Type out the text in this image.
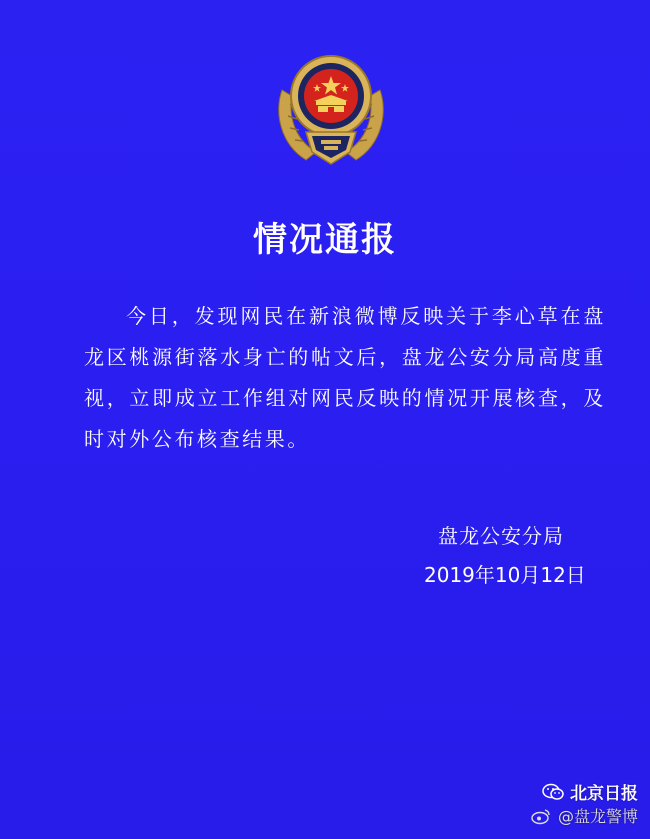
情况通报
今日，发现网民在新浪微博反映关于李心草在盘龙区桃源街落水身亡的帖文后，盘龙公安分局高度重视，立即成立工作组对网民反映的情况开展核查，及时对外公布核查结果。
盘龙公安分局
2019年10月12日
北京日报
@盘龙警博
